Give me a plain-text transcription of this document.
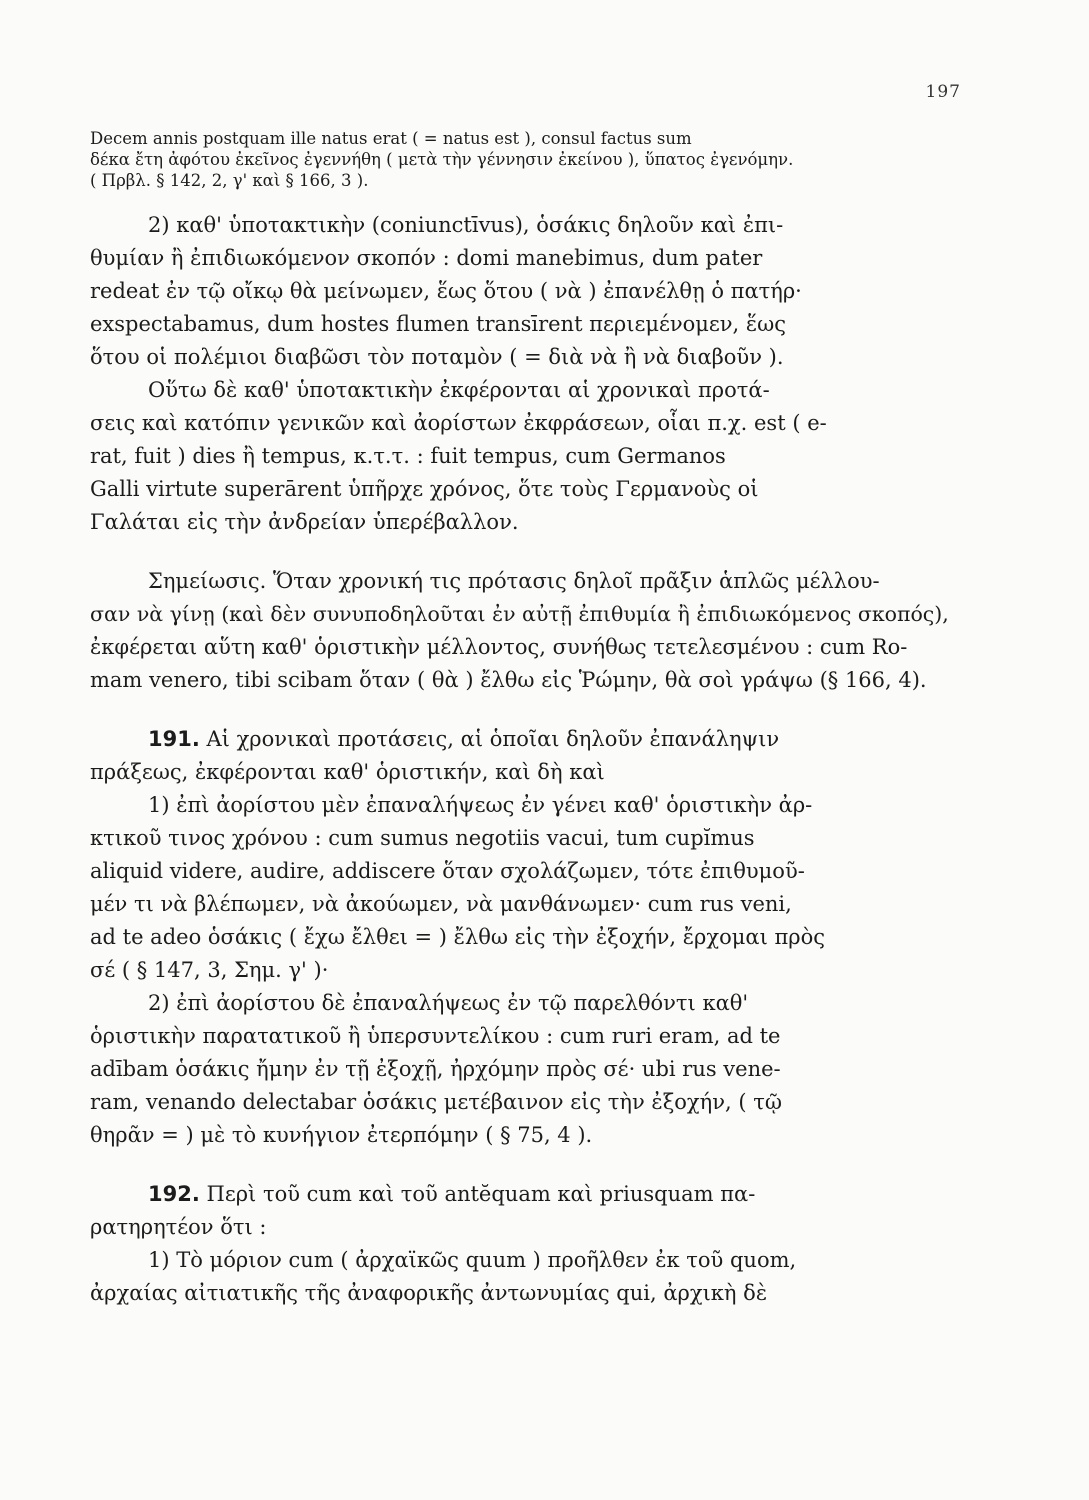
197
Decem annis postquam ille natus erat ( = natus est ), consul factus sum
δέκα ἔτη ἀφότου ἐκεῖνος ἐγεννήθη ( μετὰ τὴν γέννησιν ἐκείνου ), ὕπατος ἐγενόμην.
( Πρβλ. § 142, 2, γ' καὶ § 166, 3 ).
2) καθ' ὑποτακτικὴν (coniunctīvus), ὁσάκις δηλοῦν καὶ ἐπι-
θυμίαν ἢ ἐπιδιωκόμενον σκοπόν : domi manebimus, dum pater
redeat ἐν τῷ οἴκῳ θὰ μείνωμεν, ἕως ὅτου ( νὰ ) ἐπανέλθῃ ὁ πατήρ·
exspectabamus, dum hostes flumen transīrent περιεμένομεν, ἕως
ὅτου οἱ πολέμιοι διαβῶσι τὸν ποταμὸν ( = διὰ νὰ ἢ νὰ διαβοῦν ).
Οὕτω δὲ καθ' ὑποτακτικὴν ἐκφέρονται αἱ χρονικαὶ προτά-
σεις καὶ κατόπιν γενικῶν καὶ ἀορίστων ἐκφράσεων, οἷαι π.χ. est ( e-
rat, fuit ) dies ἢ tempus, κ.τ.τ. : fuit tempus, cum Germanos
Galli virtute superārent ὑπῆρχε χρόνος, ὅτε τοὺς Γερμανοὺς οἱ
Γαλάται εἰς τὴν ἀνδρείαν ὑπερέβαλλον.
Σημείωσις. Ὅταν χρονική τις πρότασις δηλοῖ πρᾶξιν ἁπλῶς μέλλου-
σαν νὰ γίνῃ (καὶ δὲν συνυποδηλοῦται ἐν αὐτῇ ἐπιθυμία ἢ ἐπιδιωκόμενος σκοπός),
ἐκφέρεται αὕτη καθ' ὁριστικὴν μέλλοντος, συνήθως τετελεσμένου : cum Ro-
mam venero, tibi scibam ὅταν ( θὰ ) ἔλθω εἰς Ῥώμην, θὰ σοὶ γράψω (§ 166, 4).
191. Αἱ χρονικαὶ προτάσεις, αἱ ὁποῖαι δηλοῦν ἐπανάληψιν
πράξεως, ἐκφέρονται καθ' ὁριστικήν, καὶ δὴ καὶ
1) ἐπὶ ἀορίστου μὲν ἐπαναλήψεως ἐν γένει καθ' ὁριστικὴν ἀρ-
κτικοῦ τινος χρόνου : cum sumus negotiis vacui, tum cupĭmus
aliquid videre, audire, addiscere ὅταν σχολάζωμεν, τότε ἐπιθυμοῦ-
μέν τι νὰ βλέπωμεν, νὰ ἀκούωμεν, νὰ μανθάνωμεν· cum rus veni,
ad te adeo ὁσάκις ( ἔχω ἔλθει = ) ἔλθω εἰς τὴν ἐξοχήν, ἔρχομαι πρὸς
σέ ( § 147, 3, Σημ. γ' )·
2) ἐπὶ ἀορίστου δὲ ἐπαναλήψεως ἐν τῷ παρελθόντι καθ'
ὁριστικὴν παρατατικοῦ ἢ ὑπερσυντελίκου : cum ruri eram, ad te
adībam ὁσάκις ἤμην ἐν τῇ ἐξοχῇ, ἠρχόμην πρὸς σέ· ubi rus vene-
ram, venando delectabar ὁσάκις μετέβαινον εἰς τὴν ἐξοχήν, ( τῷ
θηρᾶν = ) μὲ τὸ κυνήγιον ἐτερπόμην ( § 75, 4 ).
192. Περὶ τοῦ cum καὶ τοῦ antĕquam καὶ priusquam πα-
ρατηρητέον ὅτι :
1) Τὸ μόριον cum ( ἀρχαϊκῶς quum ) προῆλθεν ἐκ τοῦ quom,
ἀρχαίας αἰτιατικῆς τῆς ἀναφορικῆς ἀντωνυμίας qui, ἀρχικὴ δὲ
